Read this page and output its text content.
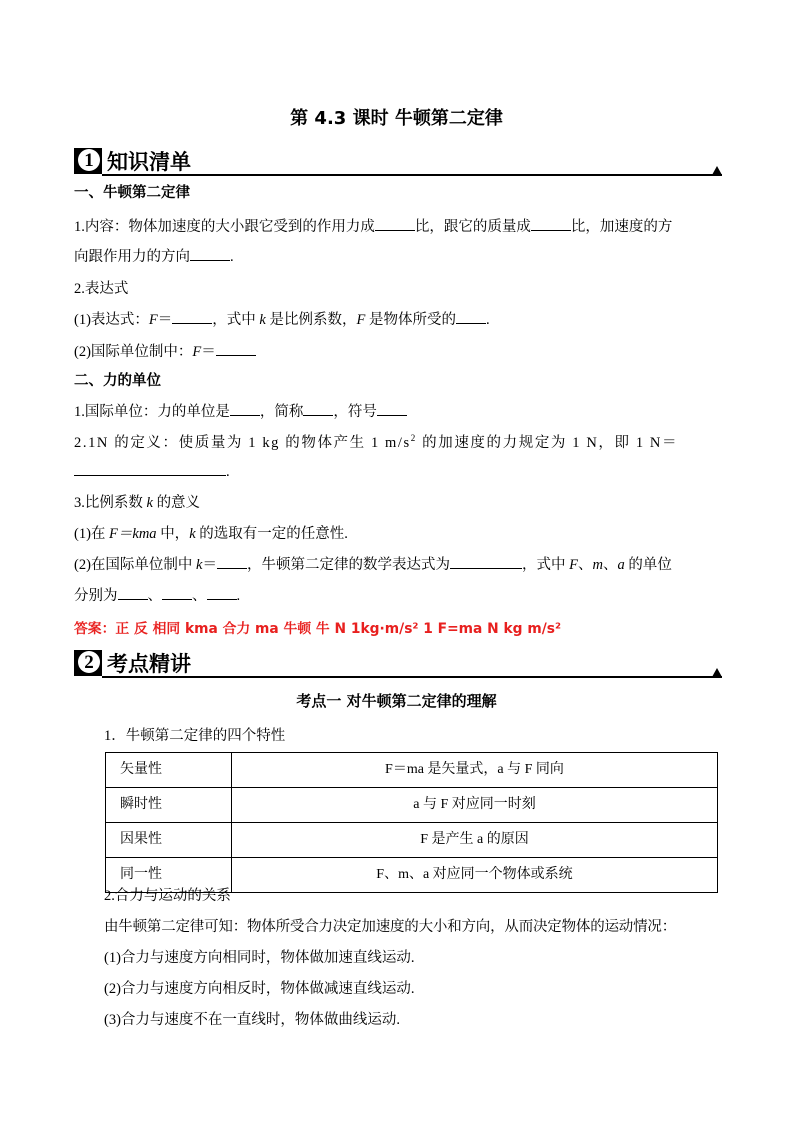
第 4.3 课时 牛顿第二定律
1 知识清单
一、牛顿第二定律
1.内容：物体加速度的大小跟它受到的作用力成	比，跟它的质量成	比，加速度的方
向跟作用力的方向	.
2.表达式
(1)表达式：F＝	，式中 k 是比例系数，F 是物体所受的 .
(2)国际单位制中：F＝
二、力的单位
1.国际单位：力的单位是 ，简称 ，符号
2.1N 的定义：使质量为 1 kg 的物体产生 1 $m/s^2$ 的加速度的力规定为 1 N，即 1 N＝
.
3.比例系数 k 的意义
(1)在 F＝kma 中，k 的选取有一定的任意性.
(2)在国际单位制中 k＝ ，牛顿第二定律的数学表达式为	，式中 F、m、a 的单位
分别为 、 、 .
答案：正 反 相同 kma 合力 ma 牛顿 牛 N 1kg·m/s² 1 F=ma N kg m/s²
2 考点精讲
考点一 对牛顿第二定律的理解
1．牛顿第二定律的四个特性
矢量性	F＝ma 是矢量式，a 与 F 同向
瞬时性	a 与 F 对应同一时刻
因果性	F 是产生 a 的原因
同一性	F、m、a 对应同一个物体或系统
2.合力与运动的关系
由牛顿第二定律可知：物体所受合力决定加速度的大小和方向，从而决定物体的运动情况：
(1)合力与速度方向相同时，物体做加速直线运动.
(2)合力与速度方向相反时，物体做减速直线运动.
(3)合力与速度不在一直线时，物体做曲线运动.
